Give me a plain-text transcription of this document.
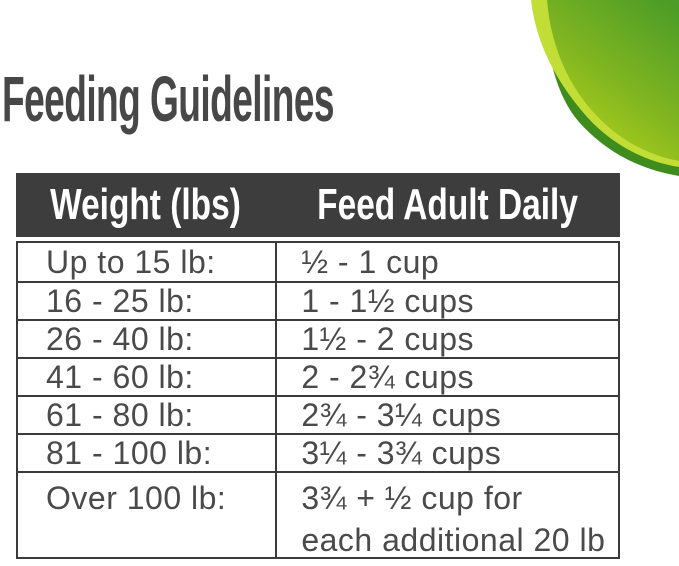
Feeding Guidelines
Weight (lbs) Feed Adult Daily
Up to 15 lb:	½ - 1 cup
16 - 25 lb:	1 - 1½ cups
26 - 40 lb:	1½ - 2 cups
41 - 60 lb:	2 - 2¾ cups
61 - 80 lb:	2¾ - 3¼ cups
81 - 100 lb:	3¼ - 3¾ cups
Over 100 lb:	3¾ + ½ cup for
each additional 20 lb
